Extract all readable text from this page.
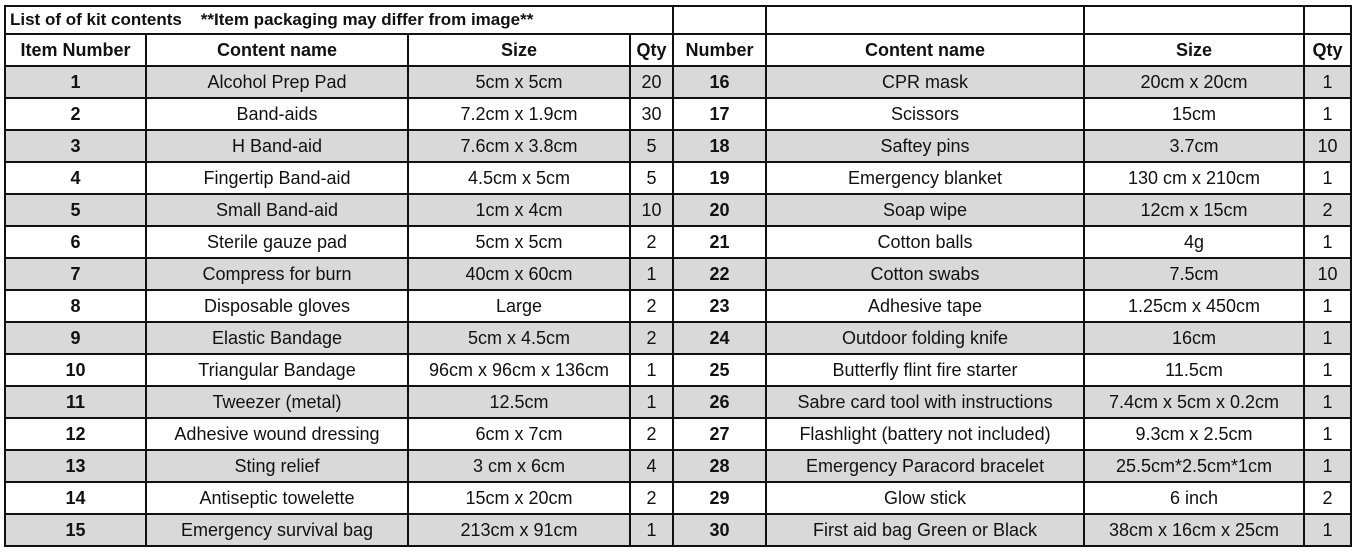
List of of kit contents    **Item packaging may differ from image**							
Item Number	Content name	Size	Qty	Number	Content name	Size	Qty
1	Alcohol Prep Pad	5cm x 5cm	20	16	CPR mask	20cm x 20cm	1
2	Band-aids	7.2cm x 1.9cm	30	17	Scissors	15cm	1
3	H Band-aid	7.6cm x 3.8cm	5	18	Saftey pins	3.7cm	10
4	Fingertip Band-aid	4.5cm x 5cm	5	19	Emergency blanket	130 cm x 210cm	1
5	Small Band-aid	1cm x 4cm	10	20	Soap wipe	12cm x 15cm	2
6	Sterile gauze pad	5cm x 5cm	2	21	Cotton balls	4g	1
7	Compress for burn	40cm x 60cm	1	22	Cotton swabs	7.5cm	10
8	Disposable gloves	Large	2	23	Adhesive tape	1.25cm x 450cm	1
9	Elastic Bandage	5cm x 4.5cm	2	24	Outdoor folding knife	16cm	1
10	Triangular Bandage	96cm x 96cm x 136cm	1	25	Butterfly flint fire starter	11.5cm	1
11	Tweezer (metal)	12.5cm	1	26	Sabre card tool with instructions	7.4cm x 5cm x 0.2cm	1
12	Adhesive wound dressing	6cm x 7cm	2	27	Flashlight (battery not included)	9.3cm x 2.5cm	1
13	Sting relief	3 cm x 6cm	4	28	Emergency Paracord bracelet	25.5cm*2.5cm*1cm	1
14	Antiseptic towelette	15cm x 20cm	2	29	Glow stick	6 inch	2
15	Emergency survival bag	213cm x 91cm	1	30	First aid bag Green or Black	38cm x 16cm x 25cm	1
